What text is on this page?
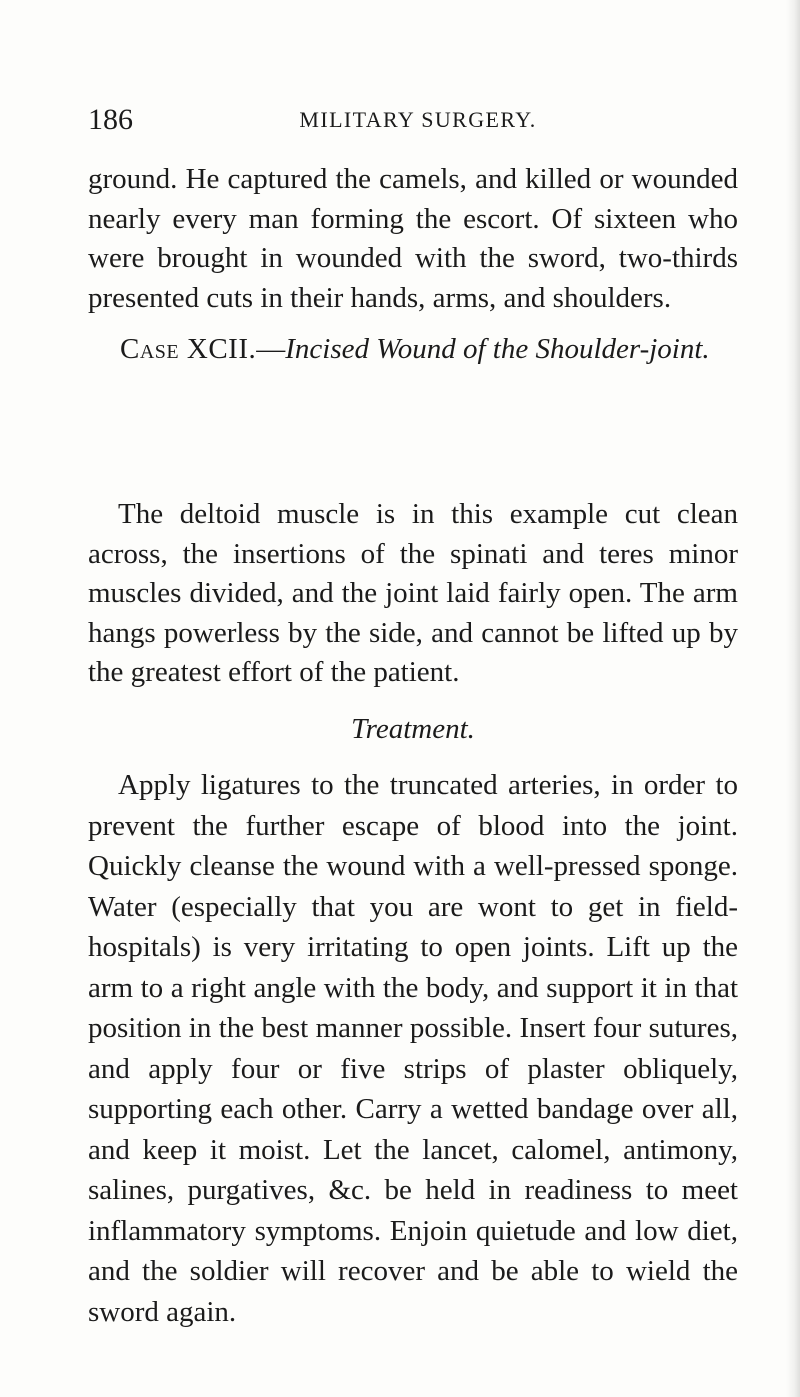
186	MILITARY SURGERY.

ground. He captured the camels, and killed or wounded nearly every man forming the escort. Of sixteen who were brought in wounded with the sword, two-thirds presented cuts in their hands, arms, and shoulders.

Case XCII.—Incised Wound of the Shoulder-joint.

The deltoid muscle is in this example cut clean across, the insertions of the spinati and teres minor muscles divided, and the joint laid fairly open. The arm hangs powerless by the side, and cannot be lifted up by the greatest effort of the patient.

Treatment.

Apply ligatures to the truncated arteries, in order to prevent the further escape of blood into the joint. Quickly cleanse the wound with a well-pressed sponge. Water (especially that you are wont to get in field-hospitals) is very irritating to open joints. Lift up the arm to a right angle with the body, and support it in that position in the best manner possible. Insert four sutures, and apply four or five strips of plaster obliquely, supporting each other. Carry a wetted bandage over all, and keep it moist. Let the lancet, calomel, antimony, salines, purgatives, &c. be held in readiness to meet inflammatory symptoms. Enjoin quietude and low diet, and the soldier will recover and be able to wield the sword again.
